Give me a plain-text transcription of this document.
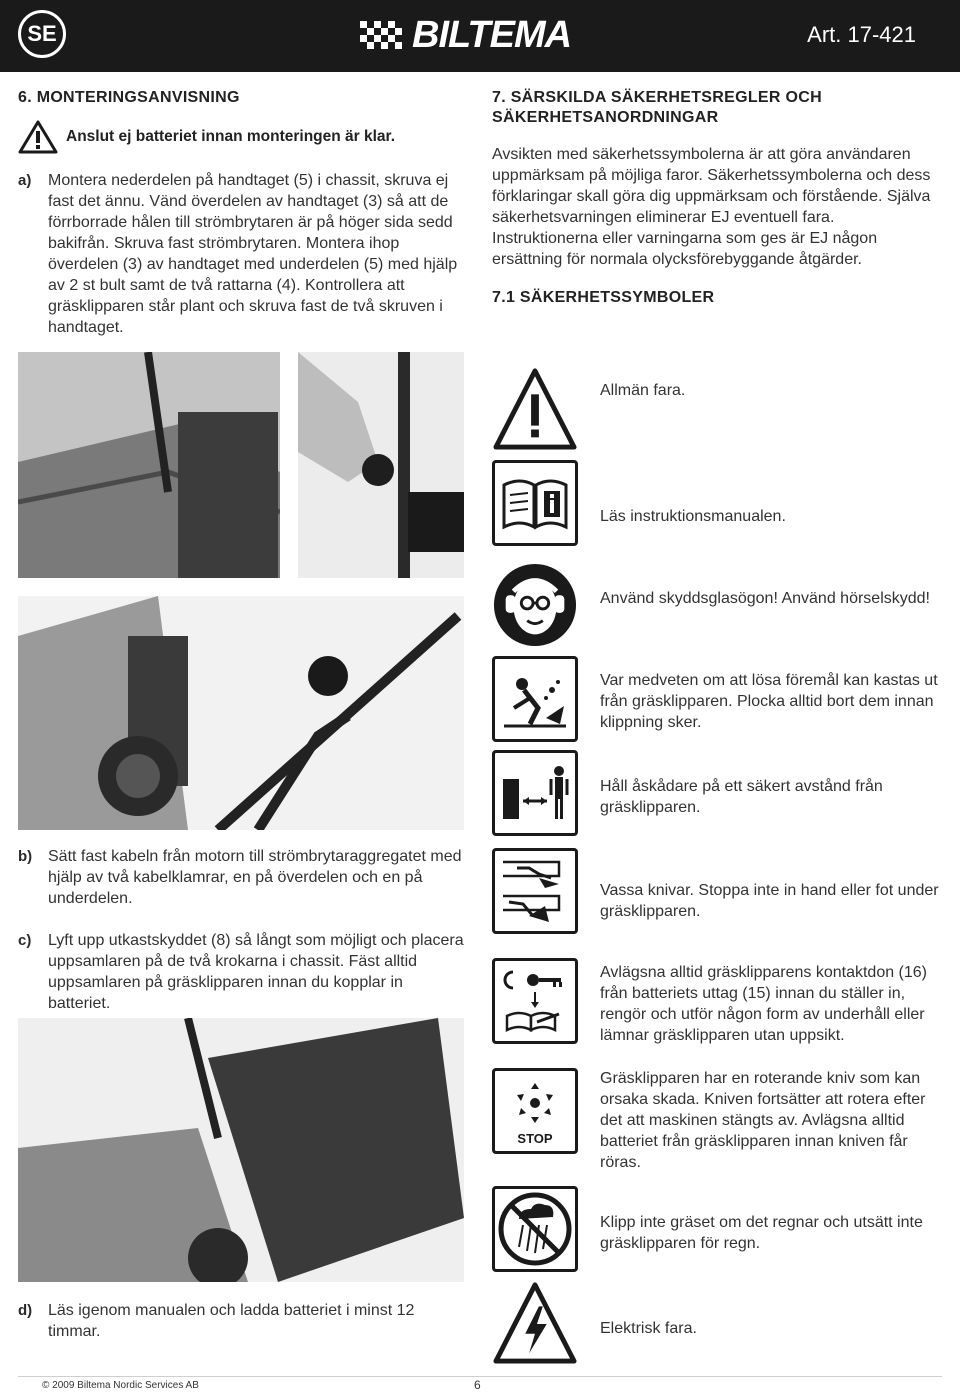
SE	BILTEMA	Art. 17-421
6. MONTERINGSANVISNING
Anslut ej batteriet innan monteringen är klar.
a)	Montera nederdelen på handtaget (5) i chassit, skruva ej fast det ännu. Vänd överdelen av handtaget (3) så att de förrborrade hålen till strömbrytaren är på höger sida sedd bakifrån. Skruva fast strömbrytaren. Montera ihop överdelen (3) av handtaget med underdelen (5) med hjälp av 2 st bult samt de två rattarna (4). Kontrollera att gräsklipparen står plant och skruva fast de två skruven i handtaget.
b) Sätt fast kabeln från motorn till strömbrytaraggregatet med hjälp av två kabelklamrar, en på överdelen och en på underdelen.
c)	Lyft upp utkastskyddet (8) så långt som möjligt och placera uppsamlaren på de två krokarna i chassit. Fäst alltid uppsamlaren på gräsklipparen innan du kopplar in batteriet.
d) Läs igenom manualen och ladda batteriet i minst 12 timmar.
7. SÄRSKILDA SÄKERHETSREGLER OCH SÄKERHETSANORDNINGAR
Avsikten med säkerhetssymbolerna är att göra användaren uppmärksam på möjliga faror. Säkerhetssymbolerna och dess förklaringar skall göra dig uppmärksam och förstående. Själva säkerhetsvarningen eliminerar EJ eventuell fara. Instruktionerna eller varningarna som ges är EJ någon ersättning för normala olycksförebyggande åtgärder.
7.1 SÄKERHETSSYMBOLER
Allmän fara.
Läs instruktionsmanualen.
Använd skyddsglasögon! Använd hörselskydd!
Var medveten om att lösa föremål kan kastas ut från gräsklipparen. Plocka alltid bort dem innan klippning sker.
Håll åskådare på ett säkert avstånd från gräsklipparen.
Vassa knivar. Stoppa inte in hand eller fot under gräsklipparen.
Avlägsna alltid gräsklipparens kontaktdon (16) från batteriets uttag (15) innan du ställer in, rengör och utför någon form av underhåll eller lämnar gräsklipparen utan uppsikt.
STOP
Gräsklipparen har en roterande kniv som kan orsaka skada. Kniven fortsätter att rotera efter det att maskinen stängts av. Avlägsna alltid batteriet från gräsklipparen innan kniven får röras.
Klipp inte gräset om det regnar och utsätt inte gräsklipparen för regn.
Elektrisk fara.
© 2009 Biltema Nordic Services AB	6
